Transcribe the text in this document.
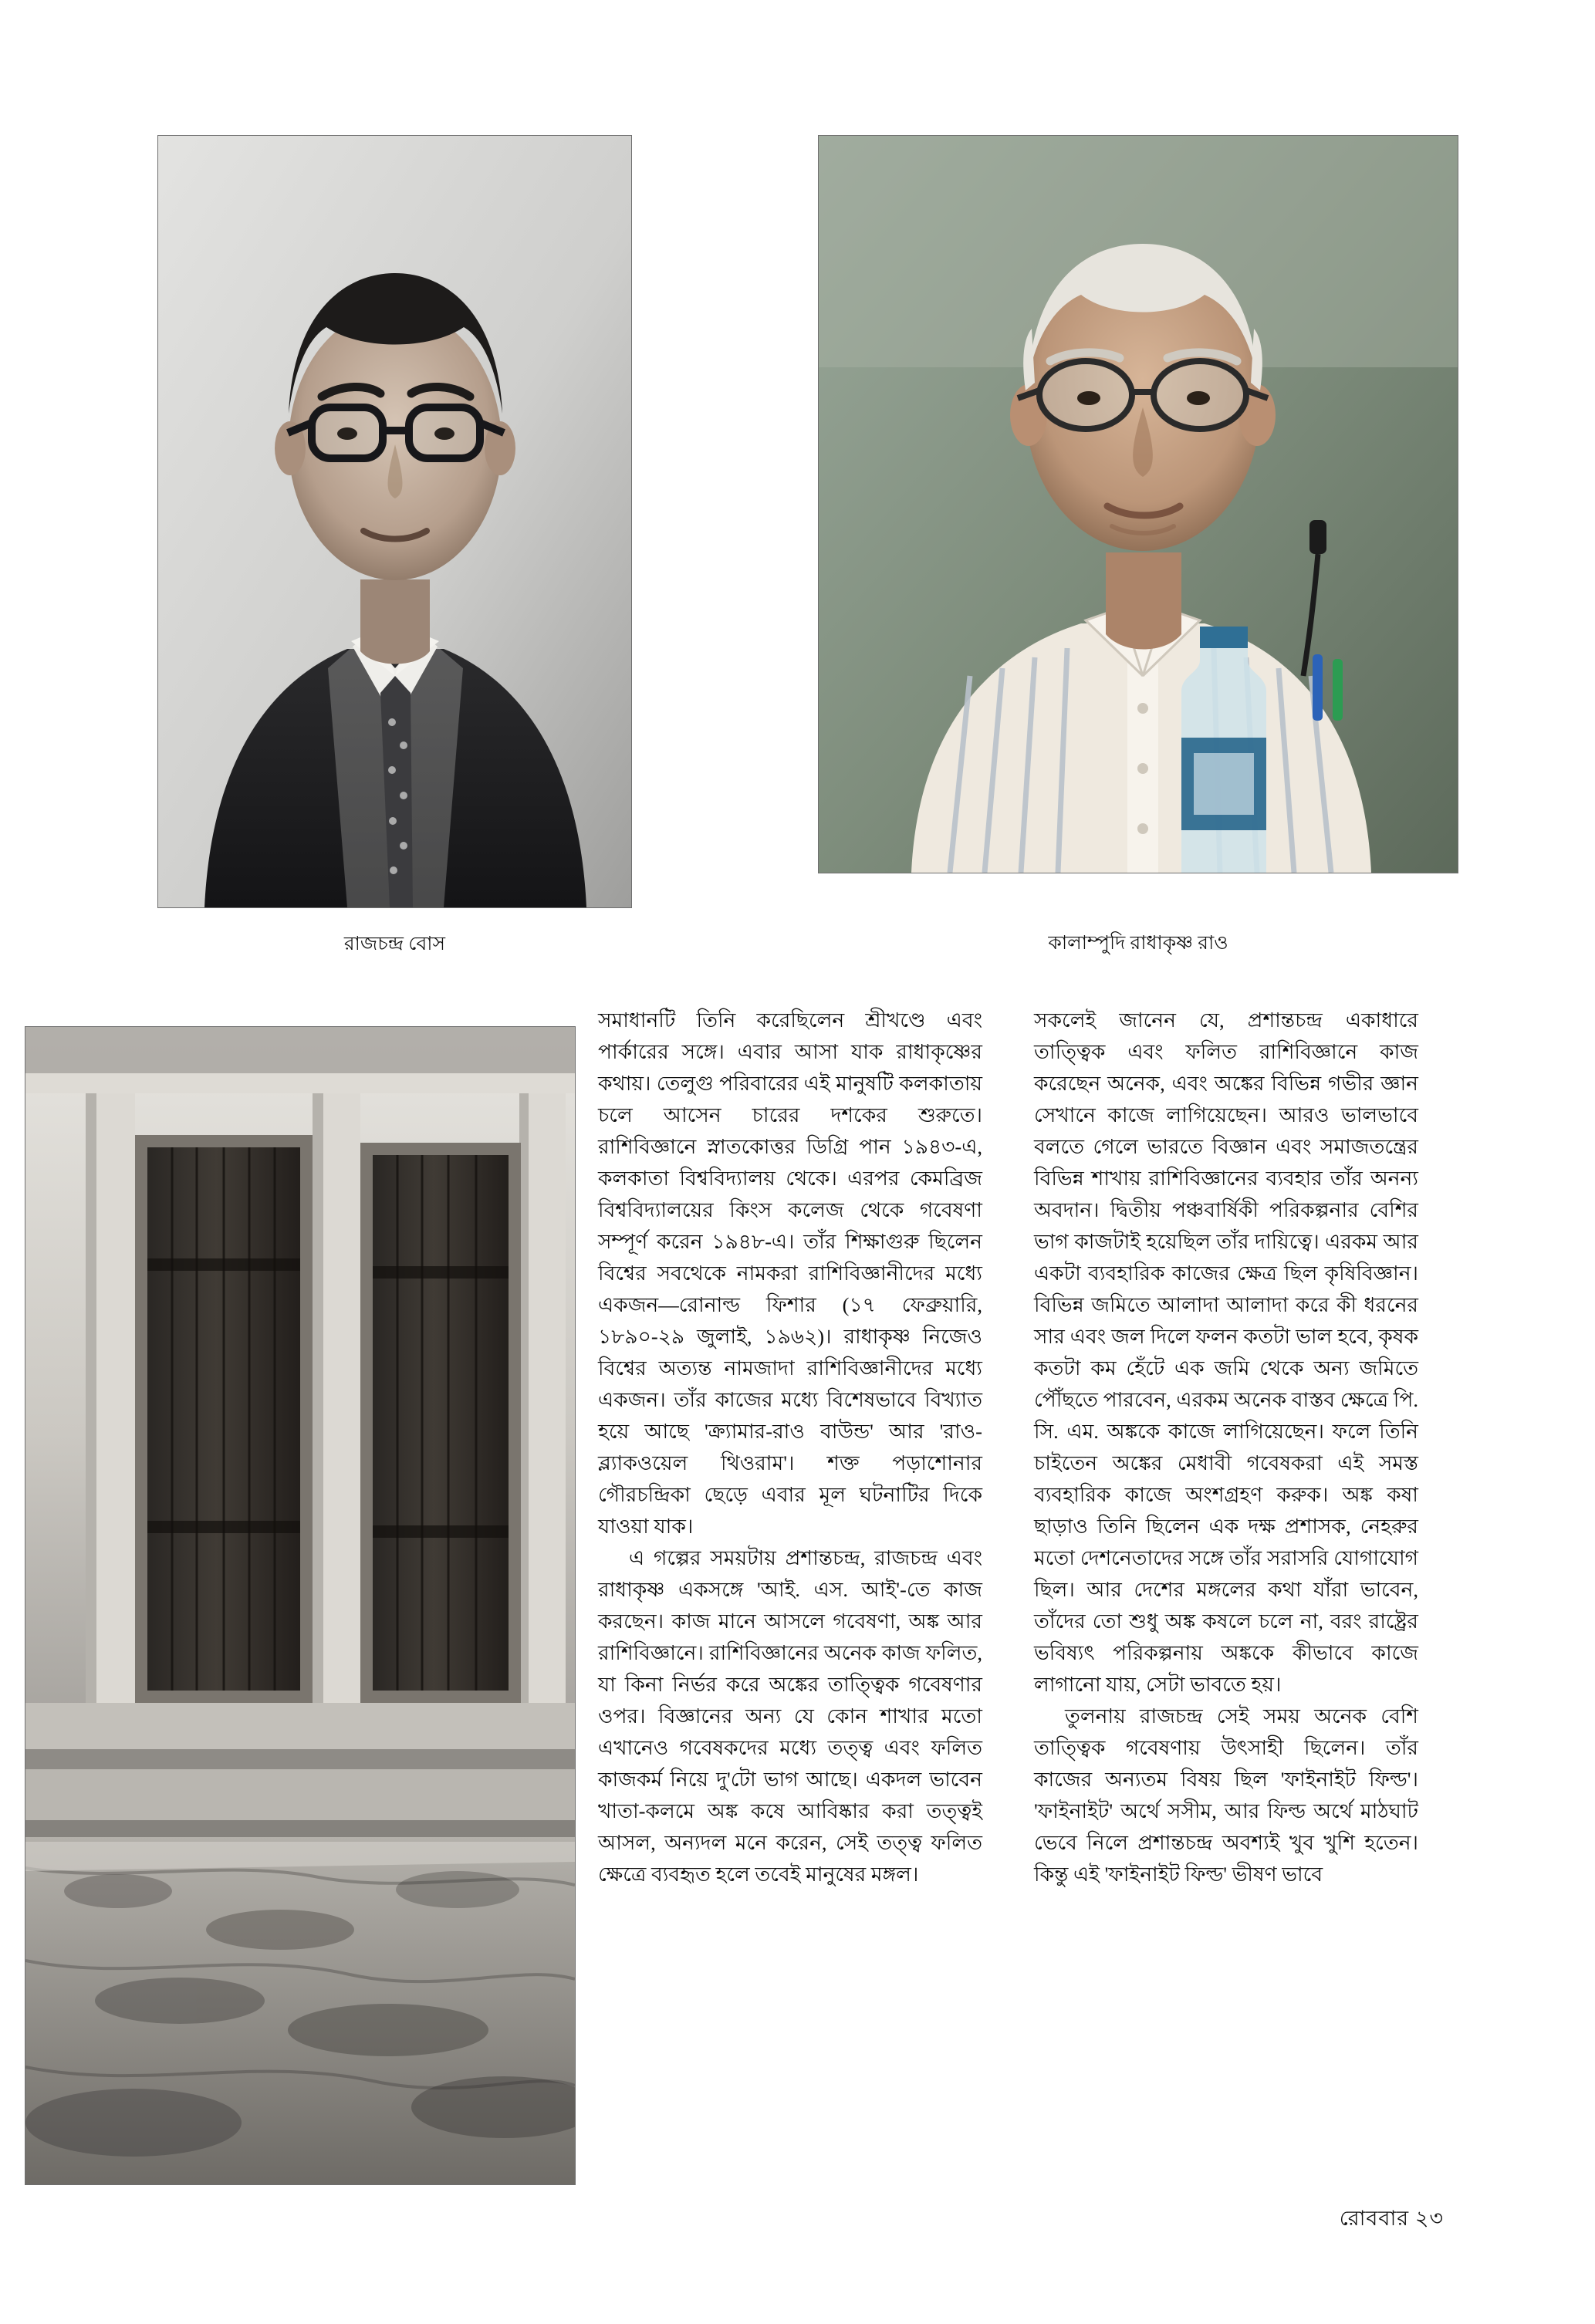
রাজচন্দ্র বোস	কালাম্পুদি রাধাকৃষ্ণ রাও

সমাধানটি তিনি করেছিলেন শ্রীখণ্ডে এবং পার্কারের সঙ্গে। এবার আসা যাক রাধাকৃষ্ণের কথায়। তেলুগু পরিবারের এই মানুষটি কলকাতায় চলে আসেন চারের দশকের শুরুতে। রাশিবিজ্ঞানে স্নাতকোত্তর ডিগ্রি পান ১৯৪৩-এ, কলকাতা বিশ্ববিদ্যালয় থেকে। এরপর কেমব্রিজ বিশ্ববিদ্যালয়ের কিংস কলেজ থেকে গবেষণা সম্পূর্ণ করেন ১৯৪৮-এ। তাঁর শিক্ষাগুরু ছিলেন বিশ্বের সবথেকে নামকরা রাশিবিজ্ঞানীদের মধ্যে একজন—রোনাল্ড ফিশার (১৭ ফেব্রুয়ারি, ১৮৯০-২৯ জুলাই, ১৯৬২)। রাধাকৃষ্ণ নিজেও বিশ্বের অত্যন্ত নামজাদা রাশিবিজ্ঞানীদের মধ্যে একজন। তাঁর কাজের মধ্যে বিশেষভাবে বিখ্যাত হয়ে আছে 'ক্র্যামার-রাও বাউন্ড' আর 'রাও-ব্ল্যাকওয়েল থিওরাম'। শক্ত পড়াশোনার গৌরচন্দ্রিকা ছেড়ে এবার মূল ঘটনাটির দিকে যাওয়া যাক।

এ গল্পের সময়টায় প্রশান্তচন্দ্র, রাজচন্দ্র এবং রাধাকৃষ্ণ একসঙ্গে 'আই. এস. আই'-তে কাজ করছেন। কাজ মানে আসলে গবেষণা, অঙ্ক আর রাশিবিজ্ঞানে। রাশিবিজ্ঞানের অনেক কাজ ফলিত, যা কিনা নির্ভর করে অঙ্কের তাত্ত্বিক গবেষণার ওপর। বিজ্ঞানের অন্য যে কোন শাখার মতো এখানেও গবেষকদের মধ্যে তত্ত্ব এবং ফলিত কাজকর্ম নিয়ে দু'টো ভাগ আছে। একদল ভাবেন খাতা-কলমে অঙ্ক কষে আবিষ্কার করা তত্ত্বই আসল, অন্যদল মনে করেন, সেই তত্ত্ব ফলিত ক্ষেত্রে ব্যবহৃত হলে তবেই মানুষের মঙ্গল।

সকলেই জানেন যে, প্রশান্তচন্দ্র একাধারে তাত্ত্বিক এবং ফলিত রাশিবিজ্ঞানে কাজ করেছেন অনেক, এবং অঙ্কের বিভিন্ন গভীর জ্ঞান সেখানে কাজে লাগিয়েছেন। আরও ভালভাবে বলতে গেলে ভারতে বিজ্ঞান এবং সমাজতন্ত্রের বিভিন্ন শাখায় রাশিবিজ্ঞানের ব্যবহার তাঁর অনন্য অবদান। দ্বিতীয় পঞ্চবার্ষিকী পরিকল্পনার বেশির ভাগ কাজটাই হয়েছিল তাঁর দায়িত্বে। এরকম আর একটা ব্যবহারিক কাজের ক্ষেত্র ছিল কৃষিবিজ্ঞান। বিভিন্ন জমিতে আলাদা আলাদা করে কী ধরনের সার এবং জল দিলে ফলন কতটা ভাল হবে, কৃষক কতটা কম হেঁটে এক জমি থেকে অন্য জমিতে পৌঁছতে পারবেন, এরকম অনেক বাস্তব ক্ষেত্রে পি. সি. এম. অঙ্ককে কাজে লাগিয়েছেন। ফলে তিনি চাইতেন অঙ্কের মেধাবী গবেষকরা এই সমস্ত ব্যবহারিক কাজে অংশগ্রহণ করুক। অঙ্ক কষা ছাড়াও তিনি ছিলেন এক দক্ষ প্রশাসক, নেহরুর মতো দেশনেতাদের সঙ্গে তাঁর সরাসরি যোগাযোগ ছিল। আর দেশের মঙ্গলের কথা যাঁরা ভাবেন, তাঁদের তো শুধু অঙ্ক কষলে চলে না, বরং রাষ্ট্রের ভবিষ্যৎ পরিকল্পনায় অঙ্ককে কীভাবে কাজে লাগানো যায়, সেটা ভাবতে হয়।

তুলনায় রাজচন্দ্র সেই সময় অনেক বেশি তাত্ত্বিক গবেষণায় উৎসাহী ছিলেন। তাঁর কাজের অন্যতম বিষয় ছিল 'ফাইনাইট ফিল্ড'। 'ফাইনাইট' অর্থে সসীম, আর ফিল্ড অর্থে মাঠঘাট ভেবে নিলে প্রশান্তচন্দ্র অবশ্যই খুব খুশি হতেন। কিন্তু এই 'ফাইনাইট ফিল্ড' ভীষণ ভাবে

রোববার ২৩
